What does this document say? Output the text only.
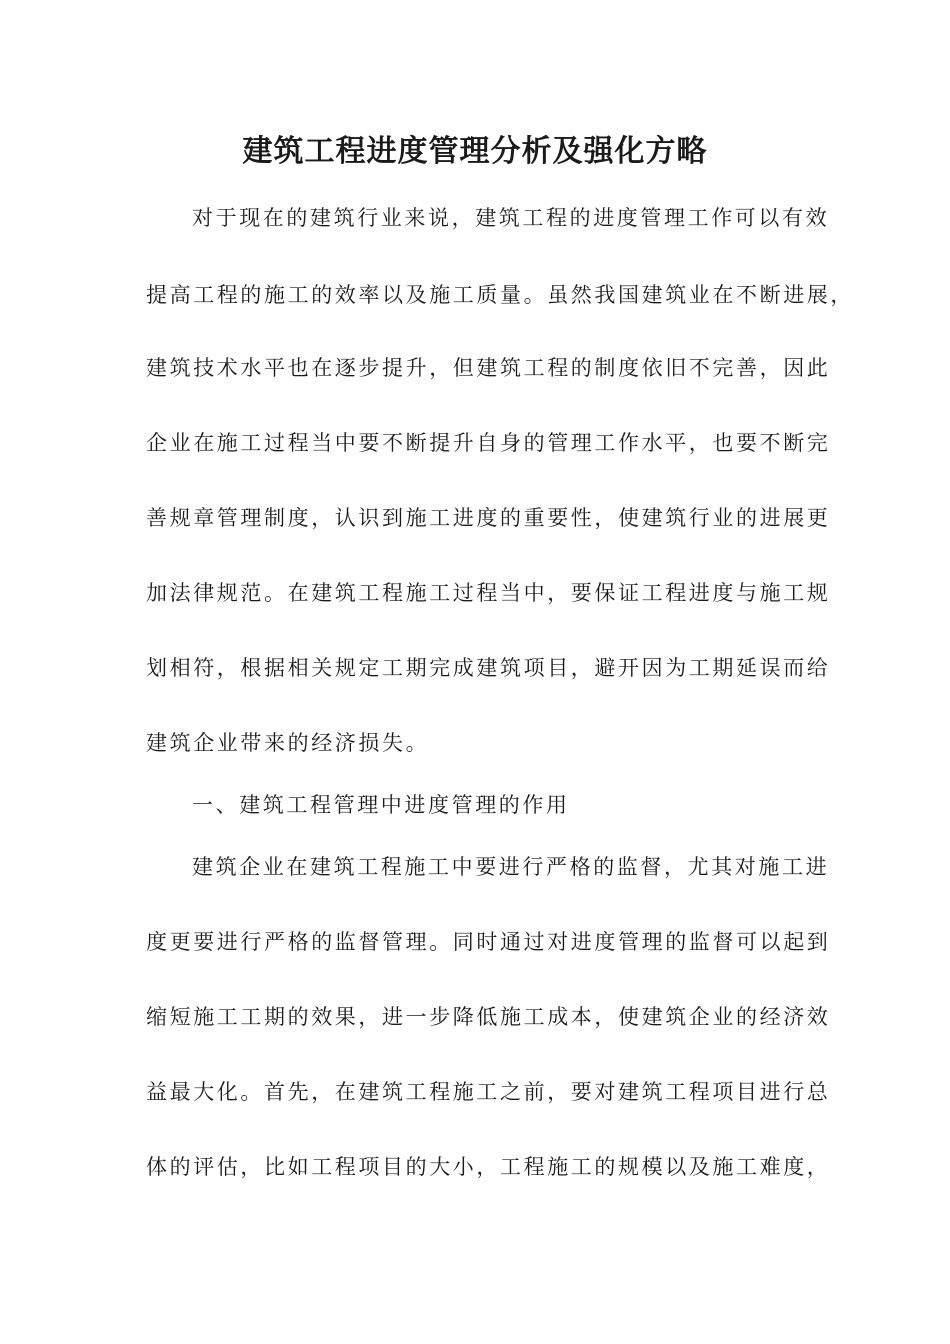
建筑工程进度管理分析及强化方略
对于现在的建筑行业来说，建筑工程的进度管理工作可以有效
提高工程的施工的效率以及施工质量。虽然我国建筑业在不断进展，
建筑技术水平也在逐步提升，但建筑工程的制度依旧不完善，因此
企业在施工过程当中要不断提升自身的管理工作水平，也要不断完
善规章管理制度，认识到施工进度的重要性，使建筑行业的进展更
加法律规范。在建筑工程施工过程当中，要保证工程进度与施工规
划相符，根据相关规定工期完成建筑项目，避开因为工期延误而给
建筑企业带来的经济损失。
一、建筑工程管理中进度管理的作用
建筑企业在建筑工程施工中要进行严格的监督，尤其对施工进
度更要进行严格的监督管理。同时通过对进度管理的监督可以起到
缩短施工工期的效果，进一步降低施工成本，使建筑企业的经济效
益最大化。首先，在建筑工程施工之前，要对建筑工程项目进行总
体的评估，比如工程项目的大小，工程施工的规模以及施工难度，
